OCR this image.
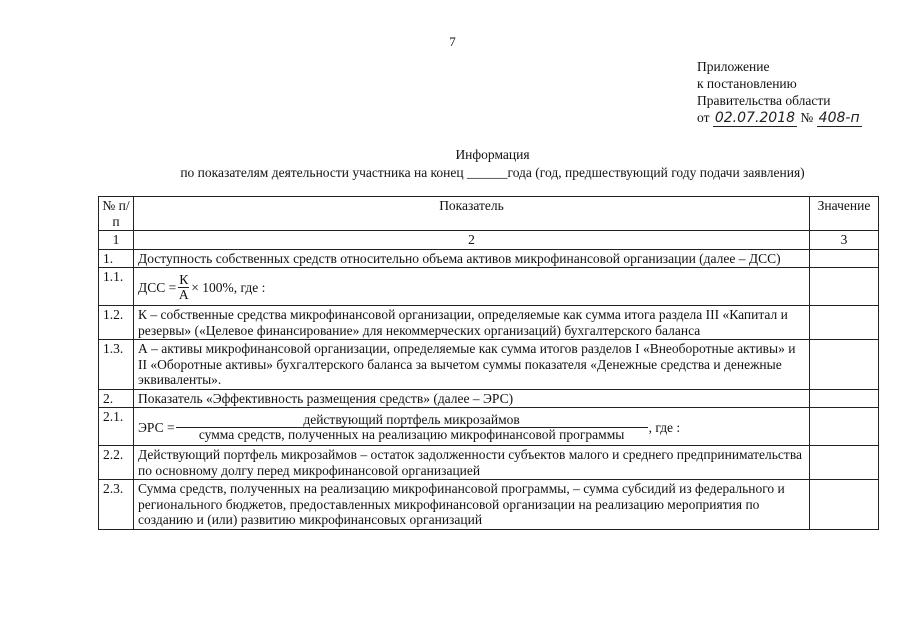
7
Приложение
к постановлению
Правительства области
от 02.07.2018 № 408-п
Информация
по показателям деятельности участника на конец ______года (год, предшествующий году подачи заявления)
№ п/п	Показатель	Значение
1	2	3
1.	Доступность собственных средств относительно объема активов микрофинансовой организации (далее – ДСС)	
1.1.	ДСС = $\frac{К}{А} \times 100\%$, где :	

1.2.	К – собственные средства микрофинансовой организации, определяемые как сумма итога раздела III «Капитал и резервы» («Целевое финансирование» для некоммерческих организаций) бухгалтерского баланса	
1.3.	А – активы микрофинансовой организации, определяемые как сумма итогов разделов I «Внеоборотные активы» и II «Оборотные активы» бухгалтерского баланса за вычетом суммы показателя «Денежные средства и денежные эквиваленты».	
2.	Показатель «Эффективность размещения средств» (далее – ЭРС)	
2.1.	ЭРС =
действующий портфель микрозаймов
сумма средств, полученных на реализацию микрофинансовой программы , где :	

2.2.	Действующий портфель микрозаймов – остаток задолженности субъектов малого и среднего предпринимательства по основному долгу перед микрофинансовой организацией	
2.3.	Сумма средств, полученных на реализацию микрофинансовой программы, – сумма субсидий из федерального и регионального бюджетов, предоставленных микрофинансовой организации на реализацию мероприятия по созданию и (или) развитию микрофинансовых организаций	
